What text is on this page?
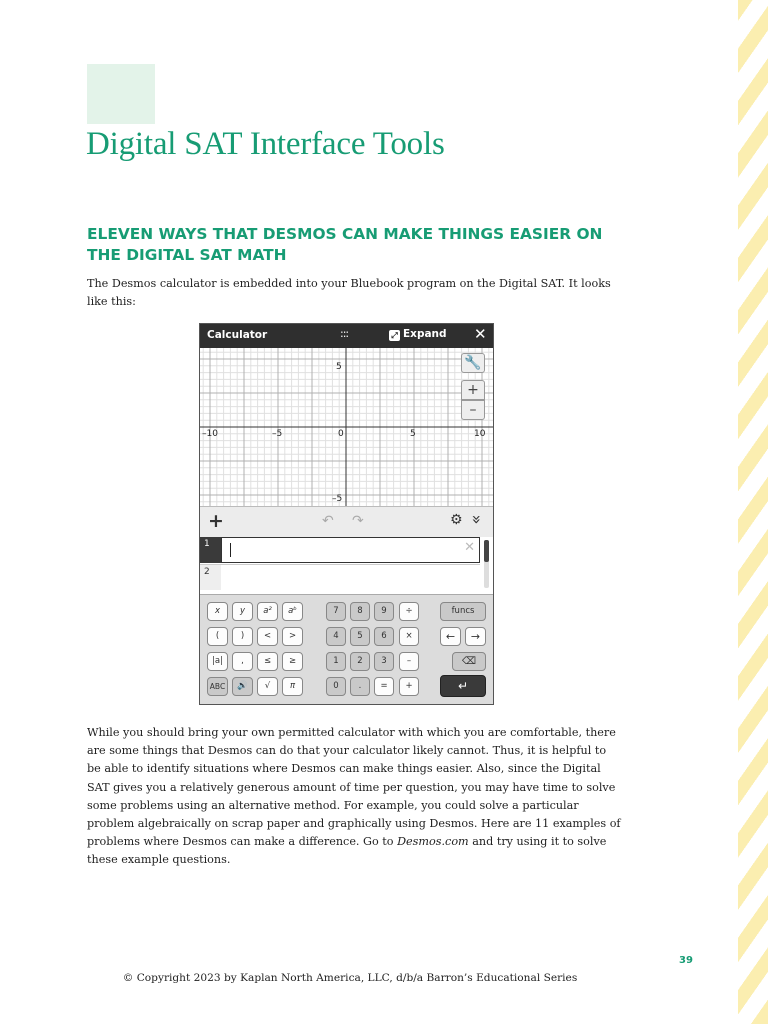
Digital SAT Interface Tools
ELEVEN WAYS THAT DESMOS CAN MAKE THINGS EASIER ON THE DIGITAL SAT MATH

The Desmos calculator is embedded into your Bluebook program on the Digital SAT. It looks like this:

Calculator	:::	⤢ Expand ✕
–10	–5	0	5	10
5
–5
🔧
+
–
+	↶ ↷	⚙ »
1	✕
2
x	y	a²	aᵇ
(	)	<	>
|a|	,	≤	≥
ABC	🔊	√	π
7	8	9	÷
4	5	6	×
1	2	3	–
0	.	=	+
funcs
←	→
⌫
↵

While you should bring your own permitted calculator with which you are comfortable, there are some things that Desmos can do that your calculator likely cannot. Thus, it is helpful to be able to identify situations where Desmos can make things easier. Also, since the Digital SAT gives you a relatively generous amount of time per question, you may have time to solve some problems using an alternative method. For example, you could solve a particular problem algebraically on scrap paper and graphically using Desmos. Here are 11 examples of problems where Desmos can make a difference. Go to Desmos.com and try using it to solve these example questions.

39
© Copyright 2023 by Kaplan North America, LLC, d/b/a Barron’s Educational Series
